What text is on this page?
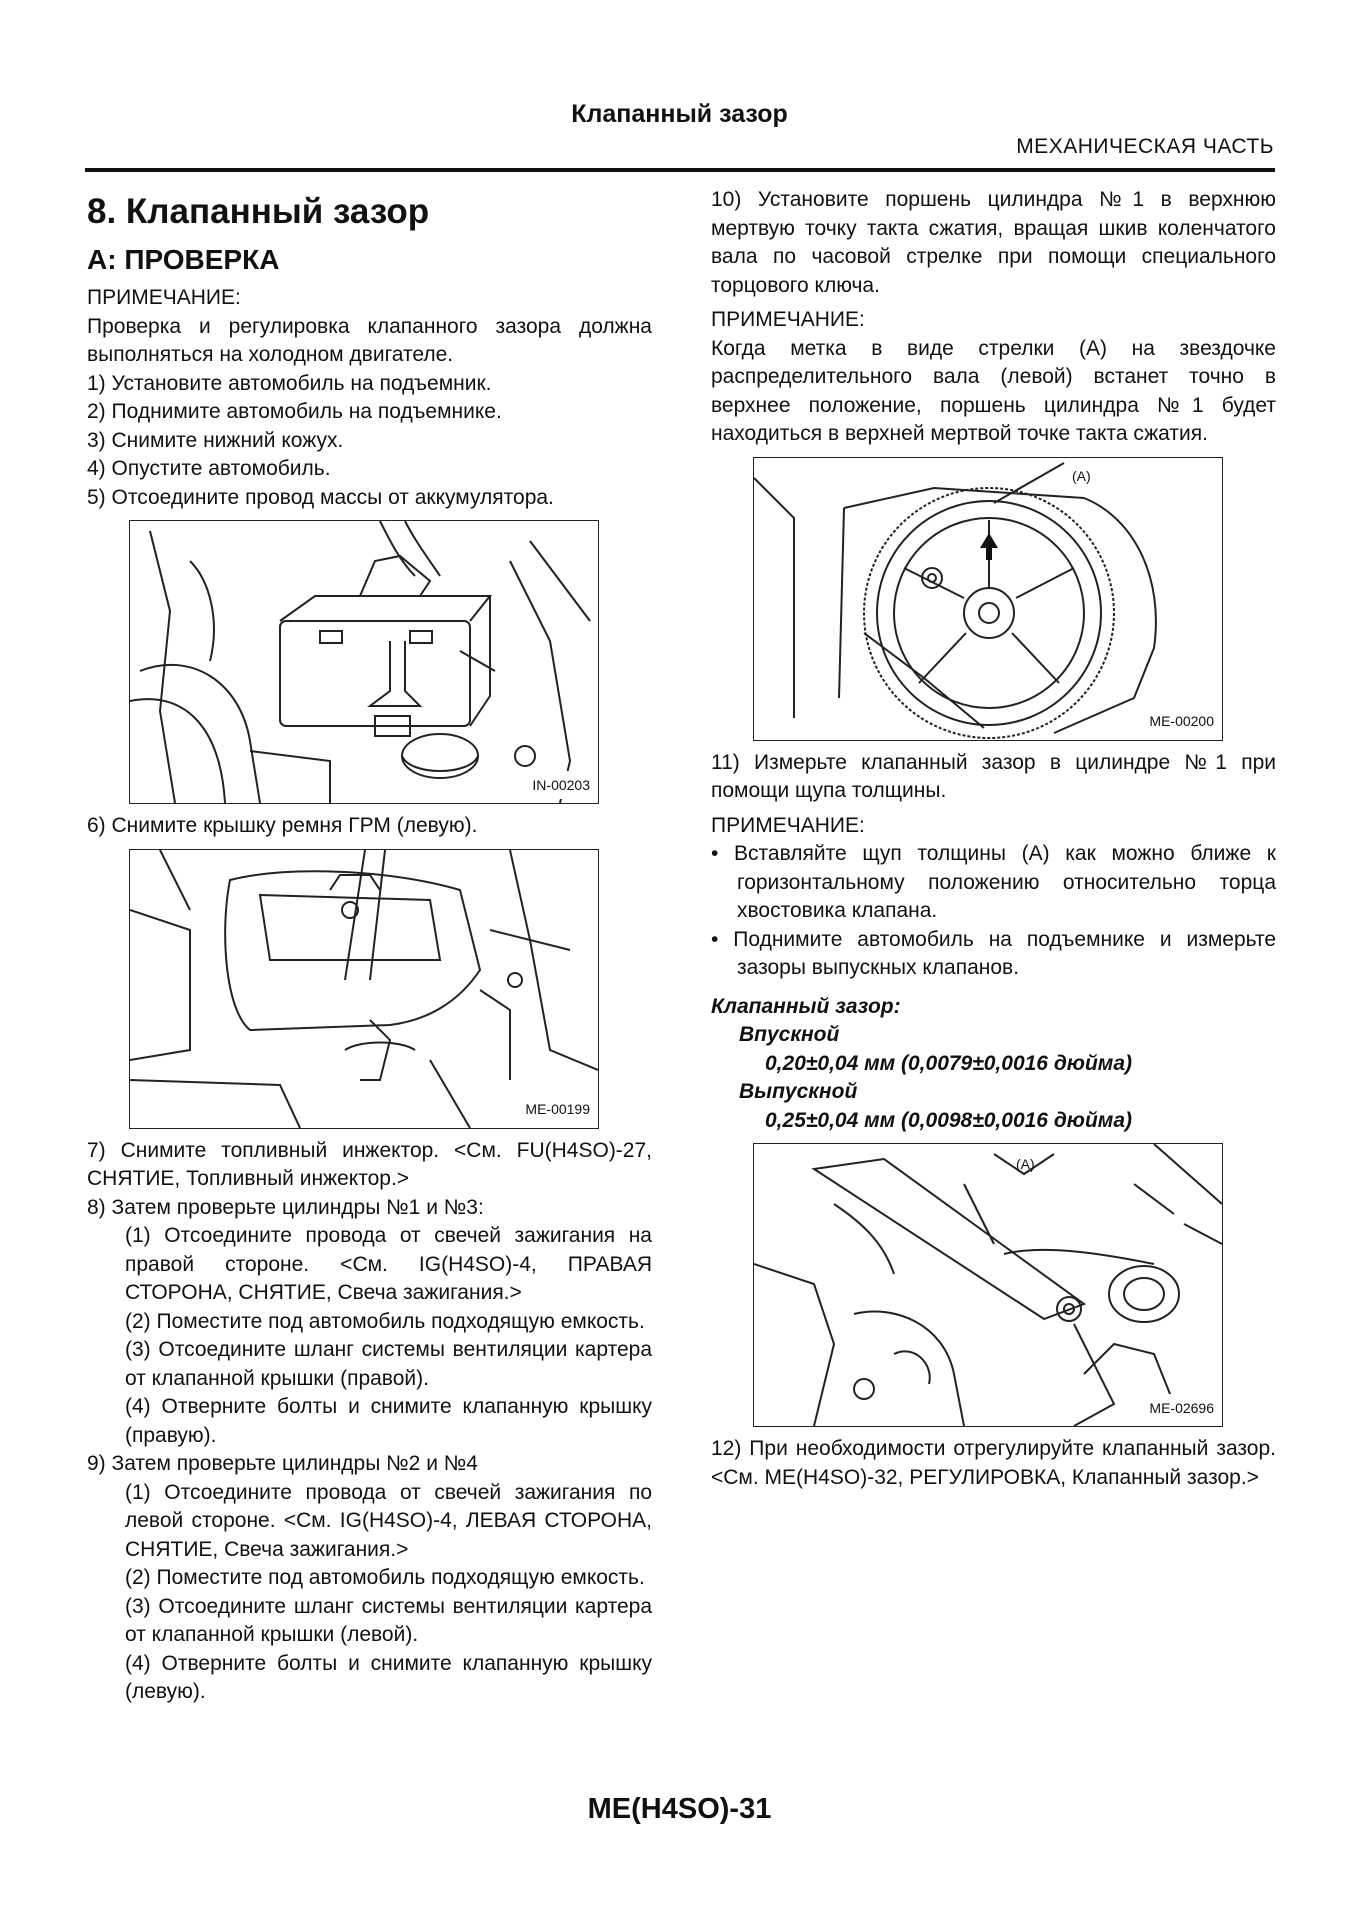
Клапанный зазор
МЕХАНИЧЕСКАЯ ЧАСТЬ
8. Клапанный зазор
A: ПРОВЕРКА

ПРИМЕЧАНИЕ:

Проверка и регулировка клапанного зазора должна выполняться на холодном двигателе.

1) Установите автомобиль на подъемник.

2) Поднимите автомобиль на подъемнике.

3) Снимите нижний кожух.

4) Опустите автомобиль.

5) Отсоедините провод массы от аккумулятора.

IN-00203

6) Снимите крышку ремня ГРМ (левую).

ME-00199

7) Снимите топливный инжектор. <См. FU(H4SO)-27, СНЯТИЕ, Топливный инжектор.>

8) Затем проверьте цилиндры №1 и №3:

(1) Отсоедините провода от свечей зажигания на правой стороне. <См. IG(H4SO)-4, ПРАВАЯ СТОРОНА, СНЯТИЕ, Свеча зажигания.>

(2) Поместите под автомобиль подходящую емкость.

(3) Отсоедините шланг системы вентиляции картера от клапанной крышки (правой).

(4) Отверните болты и снимите клапанную крышку (правую).

9) Затем проверьте цилиндры №2 и №4

(1) Отсоедините провода от свечей зажигания по левой стороне. <См. IG(H4SO)-4, ЛЕВАЯ СТОРОНА, СНЯТИЕ, Свеча зажигания.>

(2) Поместите под автомобиль подходящую емкость.

(3) Отсоедините шланг системы вентиляции картера от клапанной крышки (левой).

(4) Отверните болты и снимите клапанную крышку (левую).

10) Установите поршень цилиндра №1 в верхнюю мертвую точку такта сжатия, вращая шкив коленчатого вала по часовой стрелке при помощи специального торцового ключа.

ПРИМЕЧАНИЕ:

Когда метка в виде стрелки (A) на звездочке распределительного вала (левой) встанет точно в верхнее положение, поршень цилиндра №1 будет находиться в верхней мертвой точке такта сжатия.

(A)
ME-00200

11) Измерьте клапанный зазор в цилиндре №1 при помощи щупа толщины.

ПРИМЕЧАНИЕ:

• Вставляйте щуп толщины (A) как можно ближе к горизонтальному положению относительно торца хвостовика клапана.

• Поднимите автомобиль на подъемнике и измерьте зазоры выпускных клапанов.

Клапанный зазор:

Впускной

0,20±0,04 мм (0,0079±0,0016 дюйма)

Выпускной

0,25±0,04 мм (0,0098±0,0016 дюйма)

(A)
ME-02696

12) При необходимости отрегулируйте клапанный зазор. <См. ME(H4SO)-32, РЕГУЛИРОВКА, Клапанный зазор.>

ME(H4SO)-31
